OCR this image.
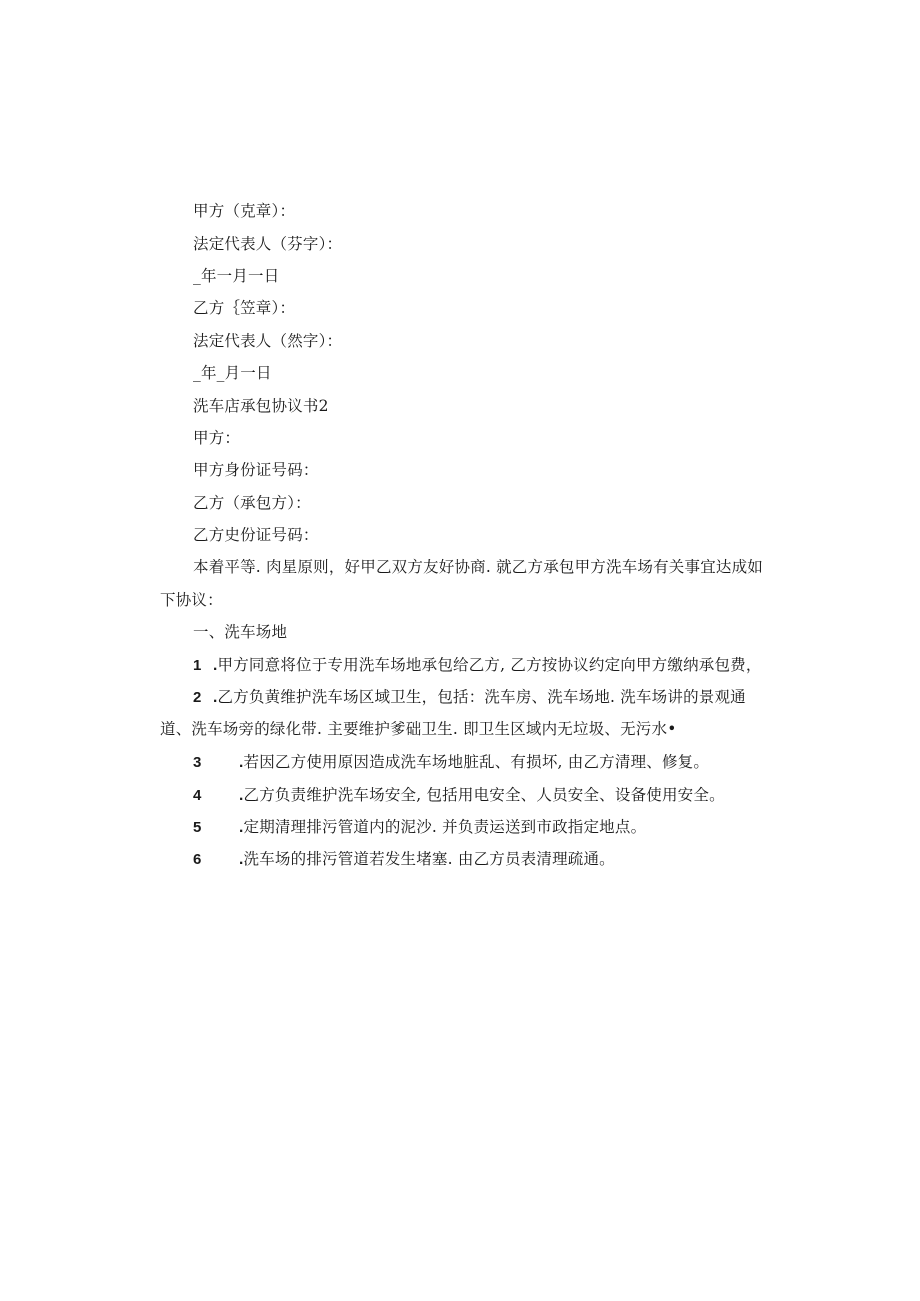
甲方（克章）：
法定代表人（芬字）：
_年一月一日
乙方｛笠章）：
法定代表人（然字）：
_年_月一日
洗车店承包协议书2
甲方：
甲方身份证号码：
乙方（承包方）：
乙方史份证号码：
本着平等. 肉星原则，好甲乙双方友好协商. 就乙方承包甲方洗车场有关事宜达成如
下协议：
一、洗车场地
1 .甲方同意将位于专用洗车场地承包给乙方, 乙方按协议约定向甲方缴纳承包费，
2 .乙方负黄维护洗车场区域卫生，包括：洗车房、洗车场地. 洗车场讲的景观通
道、洗车场旁的绿化带. 主要维护爹础卫生. 即卫生区域内无垃圾、无污水•
3 .若因乙方使用原因造成洗车场地脏乱、有损坏, 由乙方清理、修复。
4 .乙方负责维护洗车场安全, 包括用电安全、人员安全、设备使用安全。
5 .定期清理排污管道内的泥沙. 并负责运送到市政指定地点。
6 .洗车场的排污管道若发生堵塞. 由乙方员表清理疏通。
